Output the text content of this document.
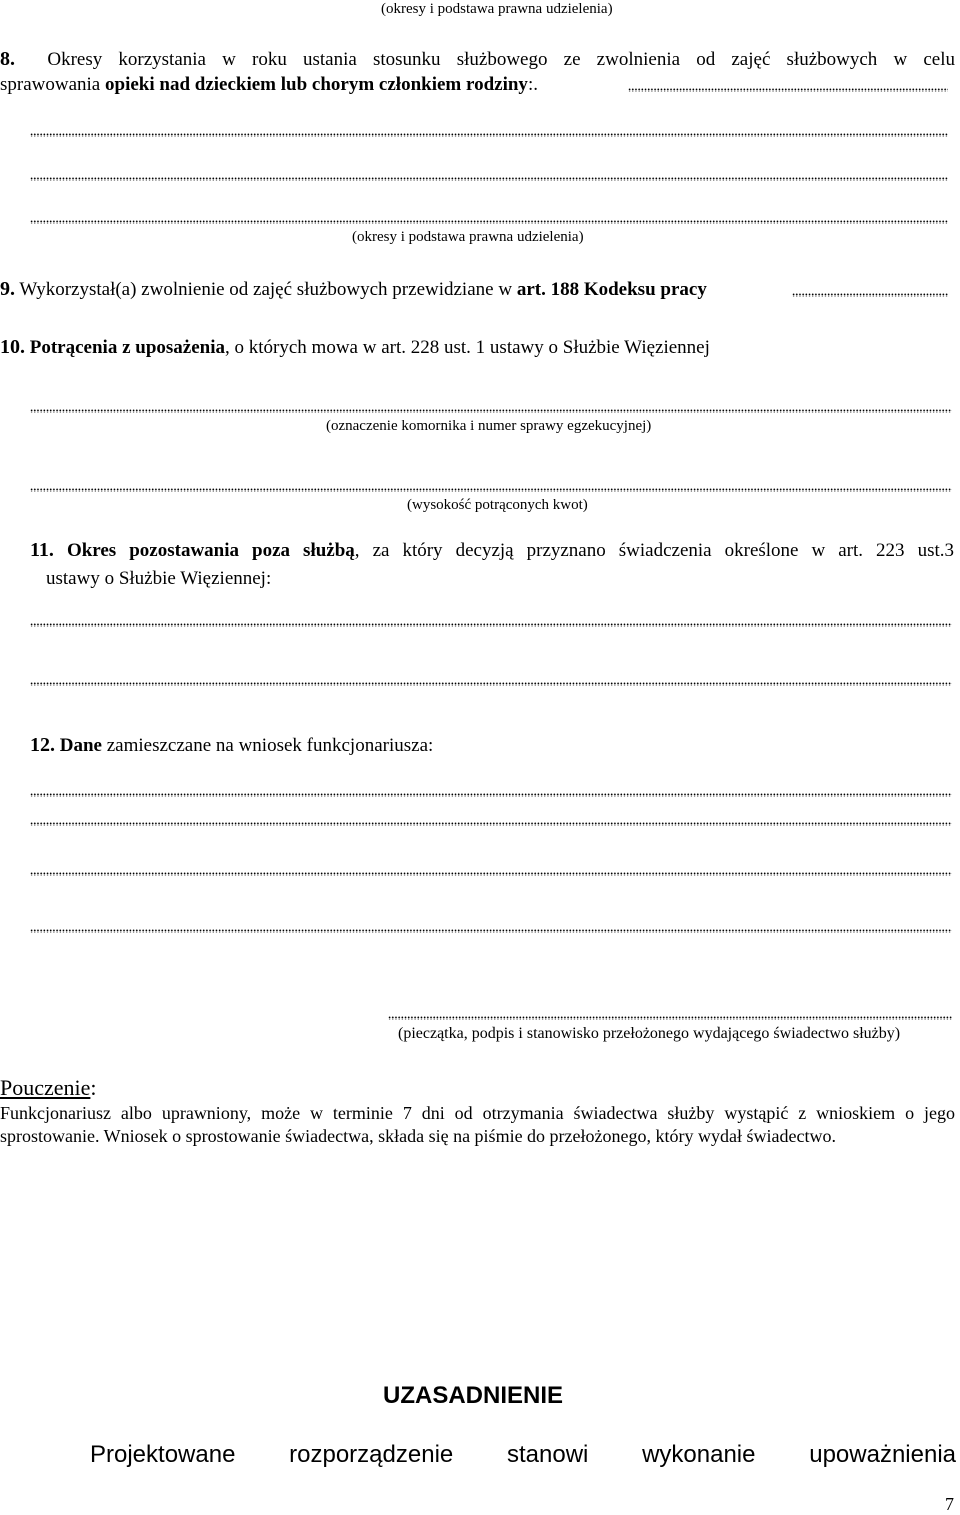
(okresy i podstawa prawna udzielenia)
8. Okresy korzystania w roku ustania stosunku służbowego ze zwolnienia od zajęć służbowych w celu
sprawowania opieki nad dzieckiem lub chorym członkiem rodziny:.
(okresy i podstawa prawna udzielenia)
9. Wykorzystał(a) zwolnienie od zajęć służbowych przewidziane w art. 188 Kodeksu pracy
10. Potrącenia z uposażenia, o których mowa w art. 228 ust. 1 ustawy o Służbie Więziennej
(oznaczenie komornika i numer sprawy egzekucyjnej)
(wysokość potrąconych kwot)
11. Okres pozostawania poza służbą, za który decyzją przyznano świadczenia określone w art. 223 ust.3
ustawy o Służbie Więziennej:
12. Dane zamieszczane na wniosek funkcjonariusza:
(pieczątka, podpis i stanowisko przełożonego wydającego świadectwo służby)
Pouczenie:
Funkcjonariusz albo uprawniony, może w terminie 7 dni od otrzymania świadectwa służby wystąpić z wnioskiem o jego
sprostowanie. Wniosek o sprostowanie świadectwa, składa się na piśmie do przełożonego, który wydał świadectwo.
UZASADNIENIE
Projektowane rozporządzenie stanowi wykonanie upoważnienia
7
